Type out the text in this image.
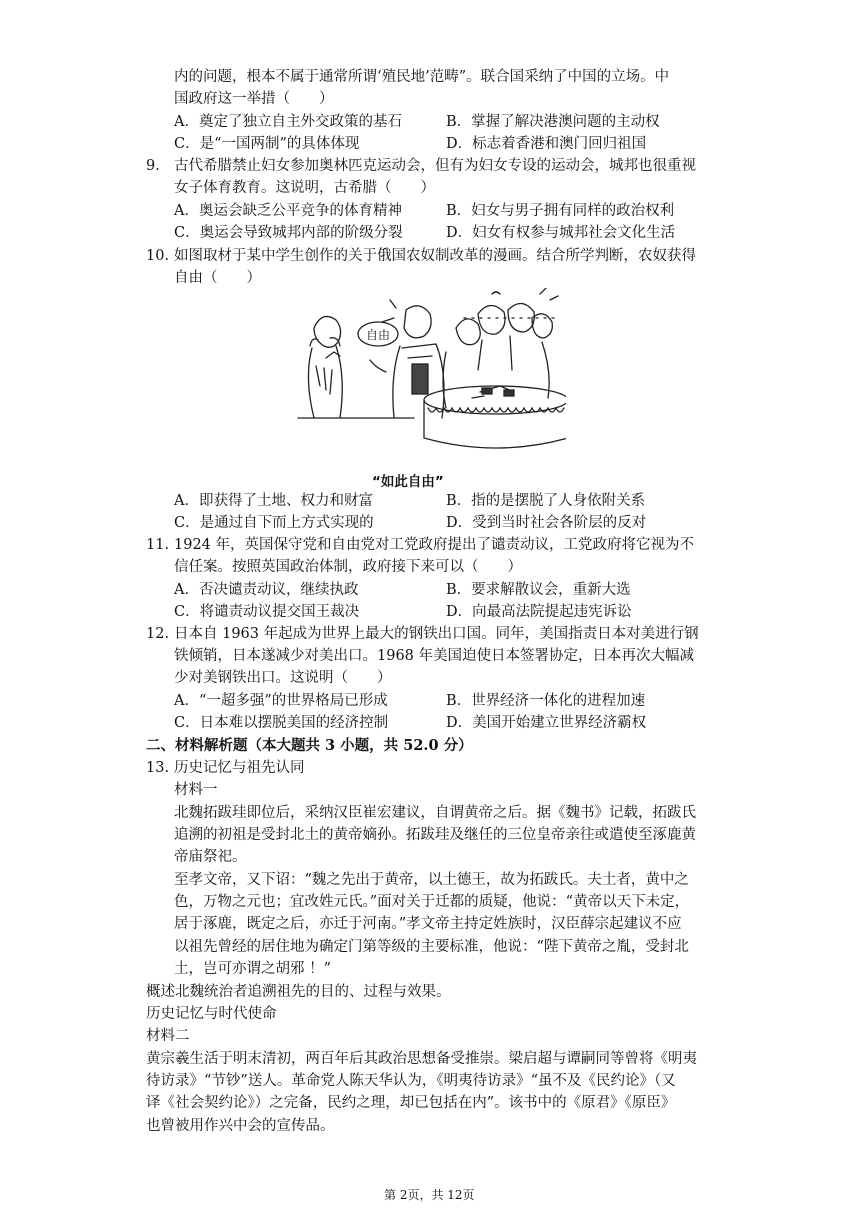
内的问题，根本不属于通常所谓‘殖民地’范畴”。联合国采纳了中国的立场。中
国政府这一举措（　　）
A．奠定了独立自主外交政策的基石	B．掌握了解决港澳问题的主动权
C．是“一国两制”的具体体现	D．标志着香港和澳门回归祖国
9. 古代希腊禁止妇女参加奥林匹克运动会，但有为妇女专设的运动会，城邦也很重视
女子体育教育。这说明，古希腊（　　）
A．奥运会缺乏公平竞争的体育精神	B．妇女与男子拥有同样的政治权利
C．奥运会导致城邦内部的阶级分裂	D．妇女有权参与城邦社会文化生活
10. 如图取材于某中学生创作的关于俄国农奴制改革的漫画。结合所学判断，农奴获得
自由（　　）
自由
“如此自由”
A．即获得了土地、权力和财富	B．指的是摆脱了人身依附关系
C．是通过自下而上方式实现的	D．受到当时社会各阶层的反对
11. 1924 年，英国保守党和自由党对工党政府提出了谴责动议，工党政府将它视为不
信任案。按照英国政治体制，政府接下来可以（　　）
A．否决谴责动议，继续执政	B．要求解散议会，重新大选
C．将谴责动议提交国王裁决	D．向最高法院提起违宪诉讼
12. 日本自 1963 年起成为世界上最大的钢铁出口国。同年，美国指责日本对美进行钢
铁倾销，日本遂减少对美出口。1968 年美国迫使日本签署协定，日本再次大幅减
少对美钢铁出口。这说明（　　）
A．“一超多强”的世界格局已形成	B．世界经济一体化的进程加速
C．日本难以摆脱美国的经济控制	D．美国开始建立世界经济霸权
二、材料解析题（本大题共 3 小题，共 52.0 分）
13. 历史记忆与祖先认同
材料一
北魏拓跋珪即位后，采纳汉臣崔宏建议，自谓黄帝之后。据《魏书》记载，拓跋氏
追溯的初祖是受封北土的黄帝嫡孙。拓跋珪及继任的三位皇帝亲往或遣使至涿鹿黄
帝庙祭祀。
至孝文帝，又下诏：“魏之先出于黄帝，以土德王，故为拓跋氏。夫土者，黄中之
色，万物之元也；宜改姓元氏。”面对关于迁都的质疑，他说：“黄帝以天下未定，
居于涿鹿，既定之后，亦迁于河南。”孝文帝主持定姓族时，汉臣薛宗起建议不应
以祖先曾经的居住地为确定门第等级的主要标准，他说：“陛下黄帝之胤，受封北
土，岂可亦谓之胡邪 ！”
概述北魏统治者追溯祖先的目的、过程与效果。
历史记忆与时代使命
材料二
黄宗羲生活于明末清初，两百年后其政治思想备受推崇。梁启超与谭嗣同等曾将《明夷
待访录》“节钞”送人。革命党人陈天华认为，《明夷待访录》“虽不及《民约论》（又
译《社会契约论》）之完备，民约之理，却已包括在内”。该书中的《原君》《原臣》
也曾被用作兴中会的宣传品。
第 2页，共 12页
